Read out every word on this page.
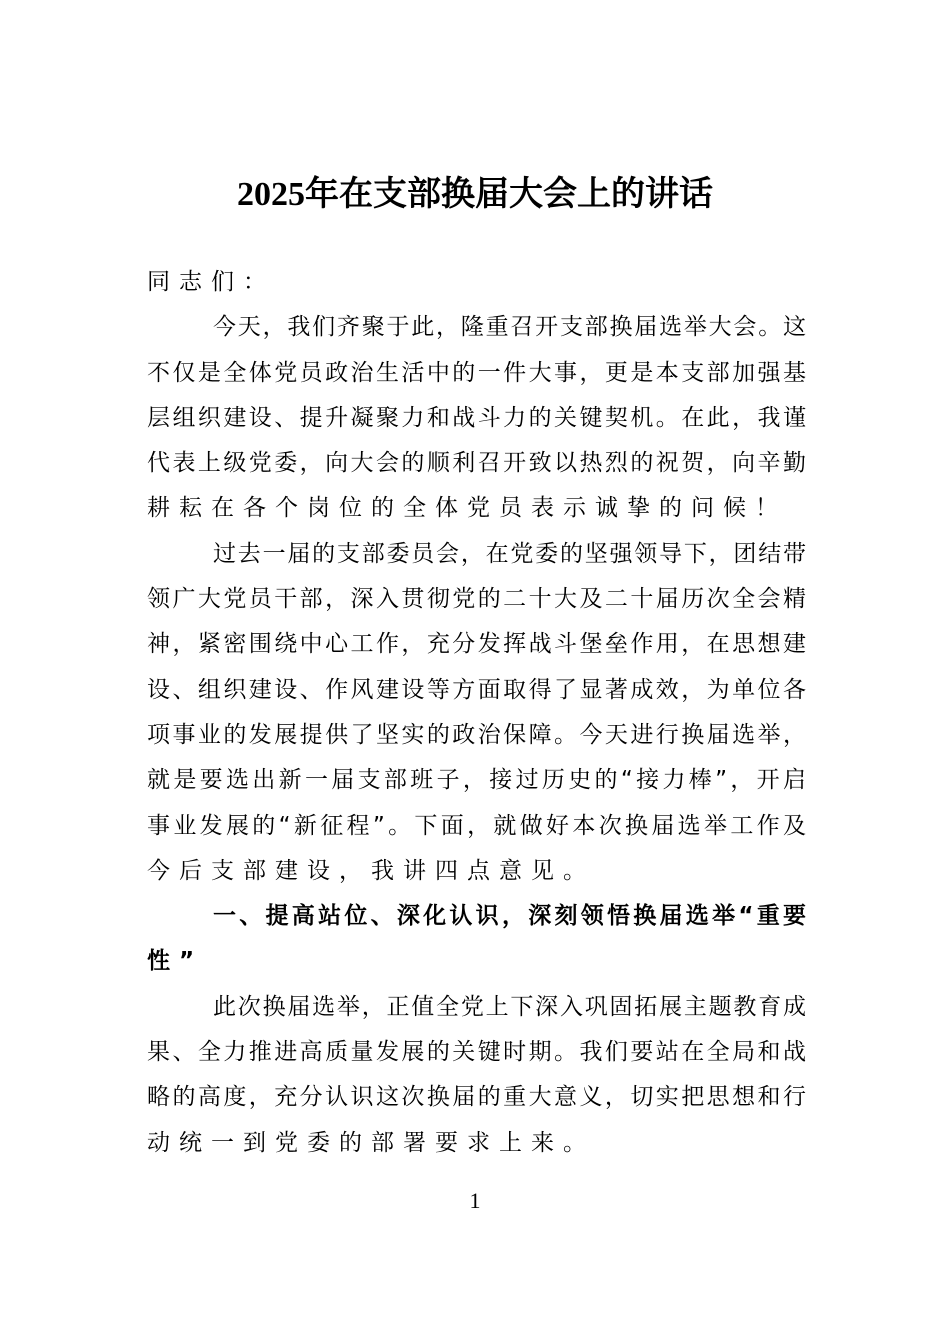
2025年在支部换届大会上的讲话
同志们：
今天，我们齐聚于此，隆重召开支部换届选举大会。这
不仅是全体党员政治生活中的一件大事，更是本支部加强基
层组织建设、提升凝聚力和战斗力的关键契机。在此，我谨
代表上级党委，向大会的顺利召开致以热烈的祝贺，向辛勤
耕耘在各个岗位的全体党员表示诚挚的问候！
过去一届的支部委员会，在党委的坚强领导下，团结带
领广大党员干部，深入贯彻党的二十大及二十届历次全会精
神，紧密围绕中心工作，充分发挥战斗堡垒作用，在思想建
设、组织建设、作风建设等方面取得了显著成效，为单位各
项事业的发展提供了坚实的政治保障。今天进行换届选举，
就是要选出新一届支部班子，接过历史的“接力棒”，开启
事业发展的“新征程”。下面，就做好本次换届选举工作及
今后支部建设，我讲四点意见。
一、提高站位、深化认识，深刻领悟换届选举“重要
性”
此次换届选举，正值全党上下深入巩固拓展主题教育成
果、全力推进高质量发展的关键时期。我们要站在全局和战
略的高度，充分认识这次换届的重大意义，切实把思想和行
动统一到党委的部署要求上来。
1
